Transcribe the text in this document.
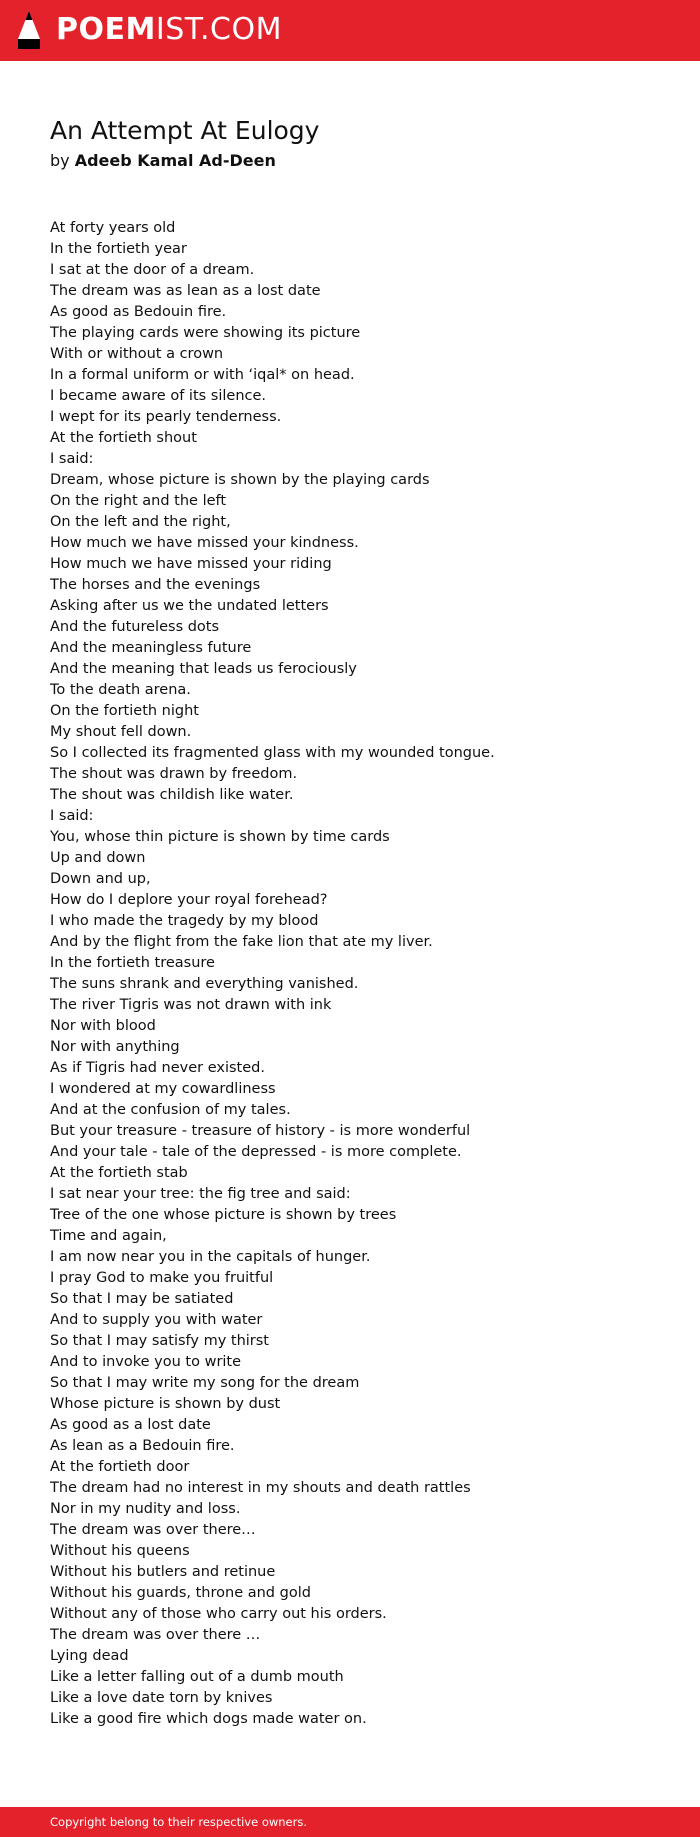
POEMIST.COM
An Attempt At Eulogy
by Adeeb Kamal Ad-Deen
At forty years old
In the fortieth year
I sat at the door of a dream.
The dream was as lean as a lost date
As good as Bedouin fire.
The playing cards were showing its picture
With or without a crown
In a formal uniform or with ‘iqal* on head.
I became aware of its silence.
I wept for its pearly tenderness.
At the fortieth shout
I said:
Dream, whose picture is shown by the playing cards
On the right and the left
On the left and the right,
How much we have missed your kindness.
How much we have missed your riding
The horses and the evenings
Asking after us we the undated letters
And the futureless dots
And the meaningless future
And the meaning that leads us ferociously
To the death arena.
On the fortieth night
My shout fell down.
So I collected its fragmented glass with my wounded tongue.
The shout was drawn by freedom.
The shout was childish like water.
I said:
You, whose thin picture is shown by time cards
Up and down
Down and up,
How do I deplore your royal forehead?
I who made the tragedy by my blood
And by the flight from the fake lion that ate my liver.
In the fortieth treasure
The suns shrank and everything vanished.
The river Tigris was not drawn with ink
Nor with blood
Nor with anything
As if Tigris had never existed.
I wondered at my cowardliness
And at the confusion of my tales.
But your treasure - treasure of history - is more wonderful
And your tale - tale of the depressed - is more complete.
At the fortieth stab
I sat near your tree: the fig tree and said:
Tree of the one whose picture is shown by trees
Time and again,
I am now near you in the capitals of hunger.
I pray God to make you fruitful
So that I may be satiated
And to supply you with water
So that I may satisfy my thirst
And to invoke you to write
So that I may write my song for the dream
Whose picture is shown by dust
As good as a lost date
As lean as a Bedouin fire.
At the fortieth door
The dream had no interest in my shouts and death rattles
Nor in my nudity and loss.
The dream was over there…
Without his queens
Without his butlers and retinue
Without his guards, throne and gold
Without any of those who carry out his orders.
The dream was over there …
Lying dead
Like a letter falling out of a dumb mouth
Like a love date torn by knives
Like a good fire which dogs made water on.
Copyright belong to their respective owners.
